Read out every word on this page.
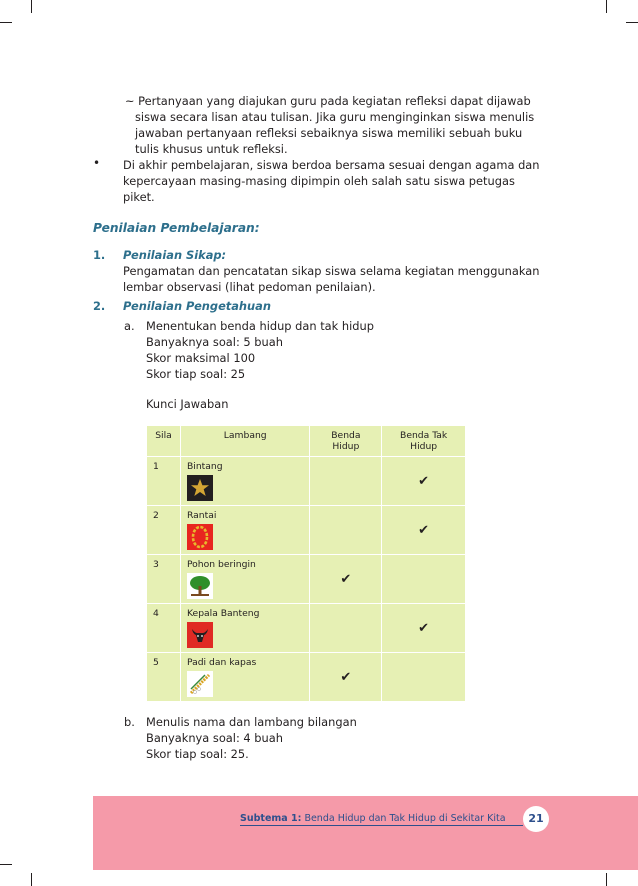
~ Pertanyaan yang diajukan guru pada kegiatan refleksi dapat dijawab
siswa secara lisan atau tulisan. Jika guru menginginkan siswa menulis
jawaban pertanyaan refleksi sebaiknya siswa memiliki sebuah buku
tulis khusus untuk refleksi.
• Di akhir pembelajaran, siswa berdoa bersama sesuai dengan agama dan
kepercayaan masing-masing dipimpin oleh salah satu siswa petugas
piket.
Penilaian Pembelajaran:
1. Penilaian Sikap:
Pengamatan dan pencatatan sikap siswa selama kegiatan menggunakan
lembar observasi (lihat pedoman penilaian).
2. Penilaian Pengetahuan
a. Menentukan benda hidup dan tak hidup
Banyaknya soal: 5 buah
Skor maksimal 100
Skor tiap soal: 25
Kunci Jawaban
Sila	Lambang	Benda Hidup	Benda Tak Hidup
1	Bintang		✔
2	Rantai		✔
3	Pohon beringin	✔	
4	Kepala Banteng		✔
5	Padi dan kapas	✔	
b. Menulis nama dan lambang bilangan
Banyaknya soal: 4 buah
Skor tiap soal: 25.
Subtema 1: Benda Hidup dan Tak Hidup di Sekitar Kita	21
